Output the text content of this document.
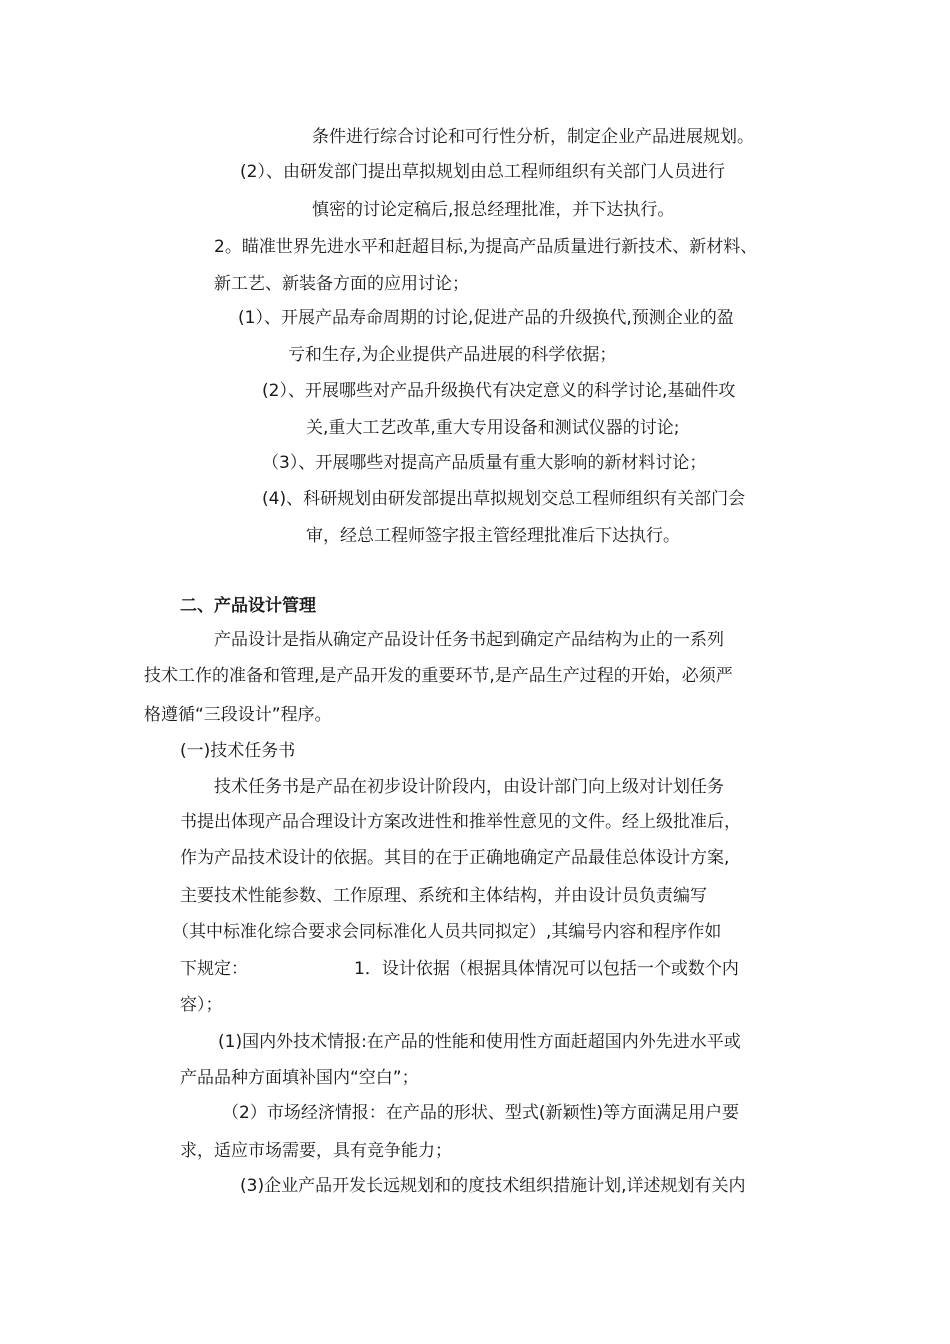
条件进行综合讨论和可行性分析，制定企业产品进展规划。
(2）、由研发部门提出草拟规划由总工程师组织有关部门人员进行
慎密的讨论定稿后,报总经理批准，并下达执行。
2。瞄准世界先进水平和赶超目标,为提高产品质量进行新技术、新材料、
新工艺、新装备方面的应用讨论；
(1）、开展产品寿命周期的讨论,促进产品的升级换代,预测企业的盈
亏和生存,为企业提供产品进展的科学依据；
(2）、开展哪些对产品升级换代有决定意义的科学讨论,基础件攻
关,重大工艺改革,重大专用设备和测试仪器的讨论;
（3）、开展哪些对提高产品质量有重大影响的新材料讨论；
(4)、科研规划由研发部提出草拟规划交总工程师组织有关部门会
审，经总工程师签字报主管经理批准后下达执行。
二、产品设计管理
产品设计是指从确定产品设计任务书起到确定产品结构为止的一系列
技术工作的准备和管理,是产品开发的重要环节,是产品生产过程的开始，必须严
格遵循“三段设计”程序。
(一)技术任务书
技术任务书是产品在初步设计阶段内，由设计部门向上级对计划任务
书提出体现产品合理设计方案改进性和推举性意见的文件。经上级批准后，
作为产品技术设计的依据。其目的在于正确地确定产品最佳总体设计方案,
主要技术性能参数、工作原理、系统和主体结构，并由设计员负责编写
（其中标准化综合要求会同标准化人员共同拟定）,其编号内容和程序作如
下规定：	1．设计依据（根据具体情况可以包括一个或数个内
容）；
(1)国内外技术情报:在产品的性能和使用性方面赶超国内外先进水平或
产品品种方面填补国内“空白”；
（2）市场经济情报：在产品的形状、型式(新颖性)等方面满足用户要
求，适应市场需要，具有竞争能力；
(3)企业产品开发长远规划和的度技术组织措施计划,详述规划有关内
